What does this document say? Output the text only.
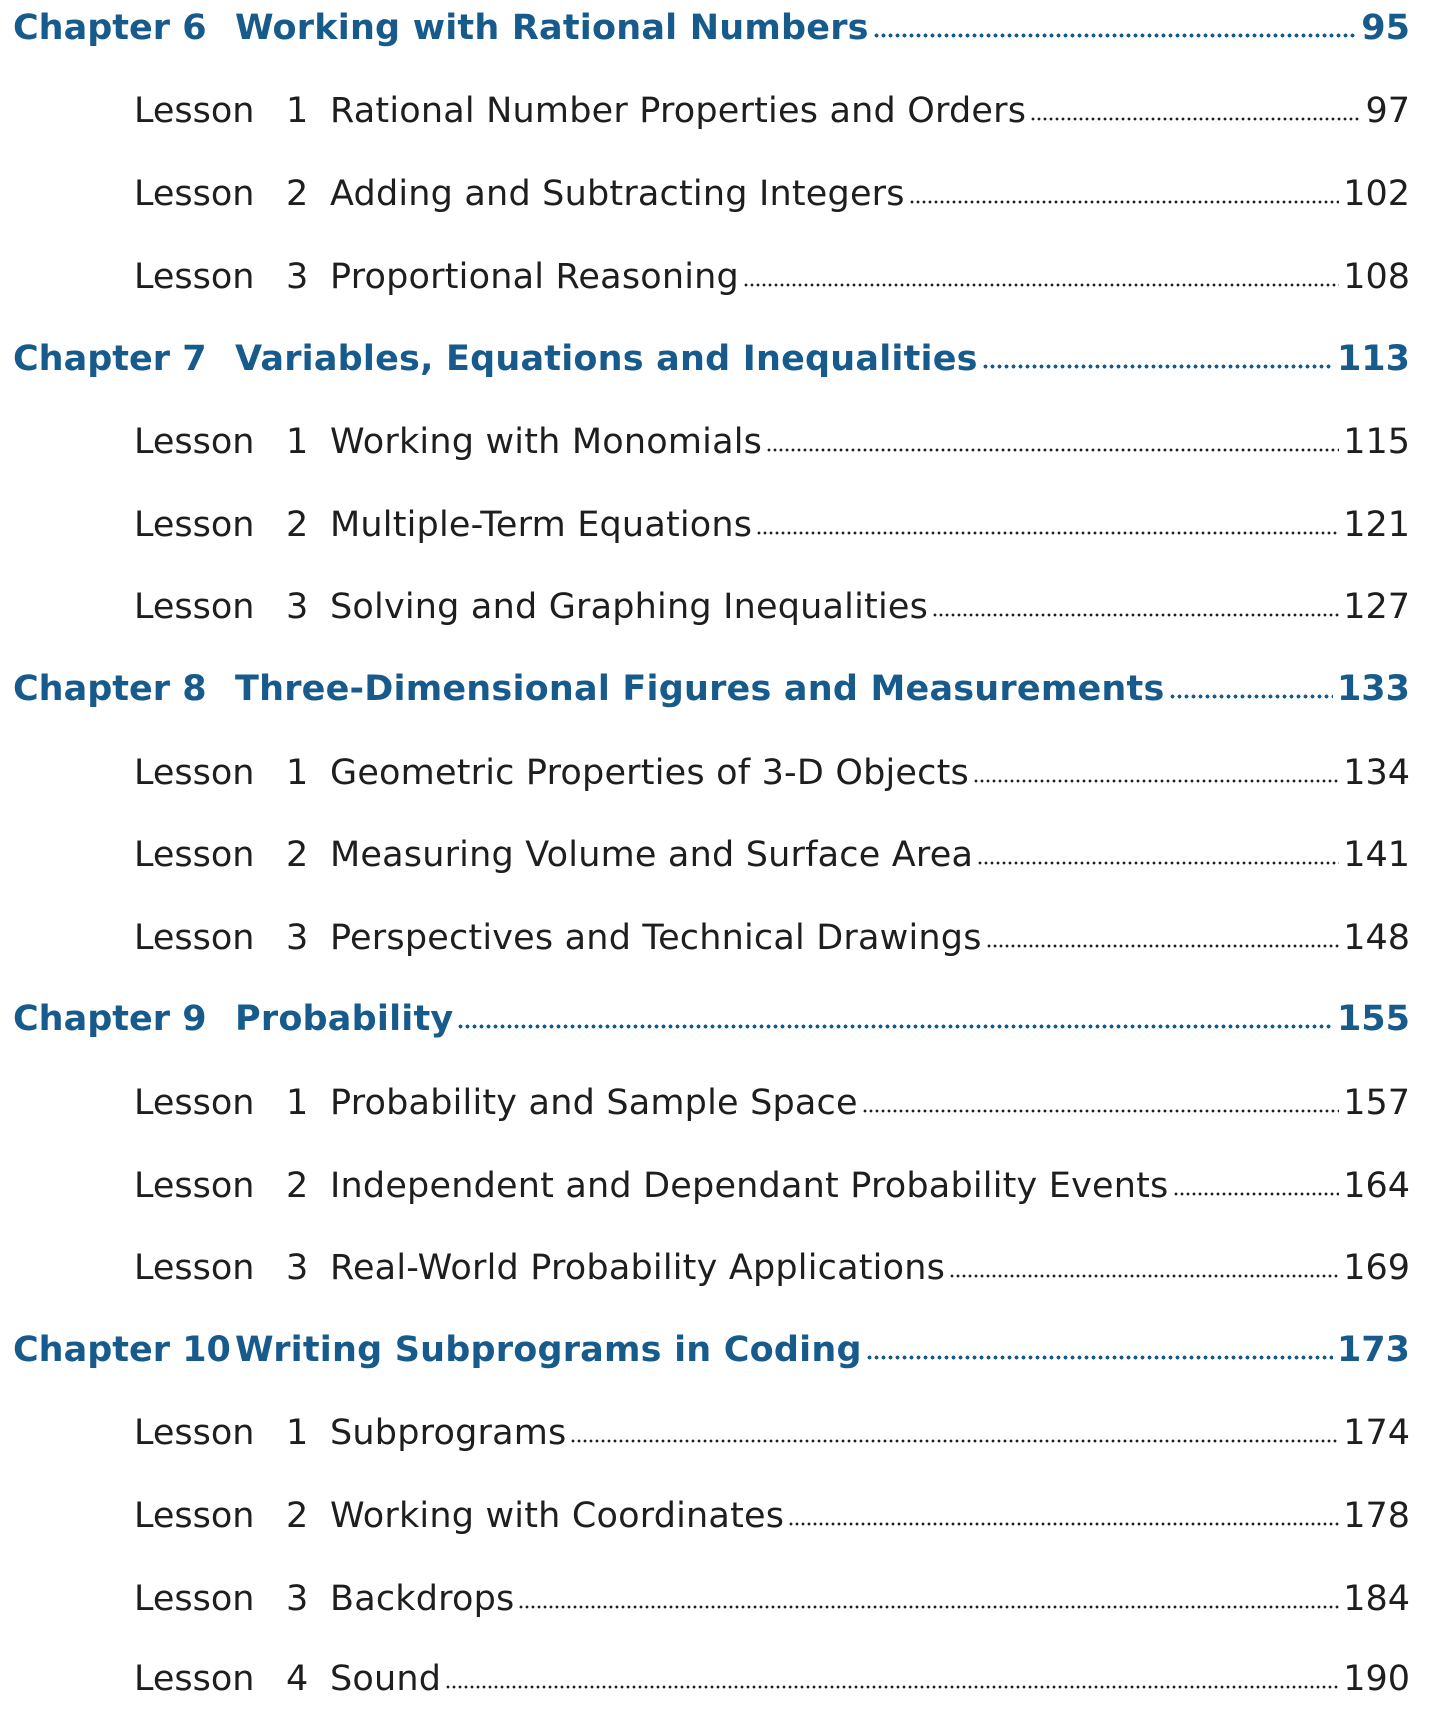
Chapter 6 Working with Rational Numbers	95
Lesson 1 Rational Number Properties and Orders	97
Lesson 2 Adding and Subtracting Integers	102
Lesson 3 Proportional Reasoning	108
Chapter 7 Variables, Equations and Inequalities	113
Lesson 1 Working with Monomials	115
Lesson 2 Multiple-Term Equations	121
Lesson 3 Solving and Graphing Inequalities	127
Chapter 8 Three-Dimensional Figures and Measurements	133
Lesson 1 Geometric Properties of 3-D Objects	134
Lesson 2 Measuring Volume and Surface Area	141
Lesson 3 Perspectives and Technical Drawings	148
Chapter 9 Probability	155
Lesson 1 Probability and Sample Space	157
Lesson 2 Independent and Dependant Probability Events	164
Lesson 3 Real-World Probability Applications	169
Chapter 10 Writing Subprograms in Coding	173
Lesson 1 Subprograms	174
Lesson 2 Working with Coordinates	178
Lesson 3 Backdrops	184
Lesson 4 Sound	190
